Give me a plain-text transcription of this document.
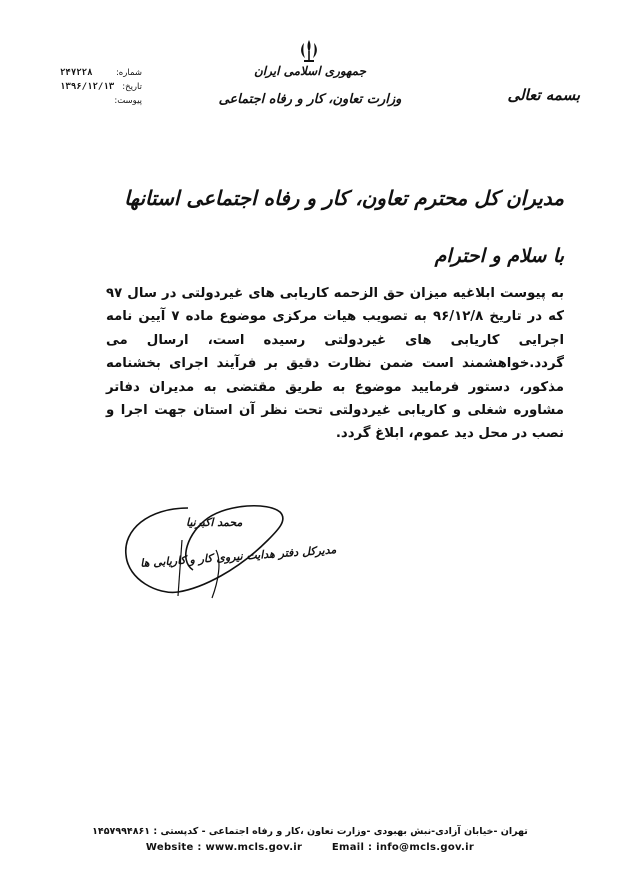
جمهوری اسلامی ایران
وزارت تعاون، کار و رفاه اجتماعی	بسمه تعالی
شماره:
۲۴۷۲۲۸
تاریخ:
۱۳۹۶/۱۲/۱۳
پیوست:
مدیران کل محترم تعاون، کار و رفاه اجتماعی استانها
با سلام و احترام
به پیوست ابلاغیه میزان حق الزحمه کاریابی های غیردولتی در سال ۹۷ که در تاریخ ۹۶/۱۲/۸ به تصویب هیات مرکزی موضوع ماده ۷ آیین نامه اجرایی کاریابی های غیردولتی رسیده است، ارسال می گردد.خواهشمند است ضمن نظارت دقیق بر فرآیند اجرای بخشنامه مذکور، دستور فرمایید موضوع به طریق مقتضی به مدیران دفاتر مشاوره شغلی و کاریابی غیردولتی تحت نظر آن استان جهت اجرا و نصب در محل دید عموم، ابلاغ گردد.
محمد اکبرنیا
مدیرکل دفتر هدایت نیروی کار و کاریابی ها
تهران -خیابان آزادی-نبش بهبودی -وزارت تعاون ،کار و رفاه اجتماعی - کدپستی : ۱۴۵۷۹۹۴۸۶۱
Website : www.mcls.gov.ir	Email : info@mcls.gov.ir
